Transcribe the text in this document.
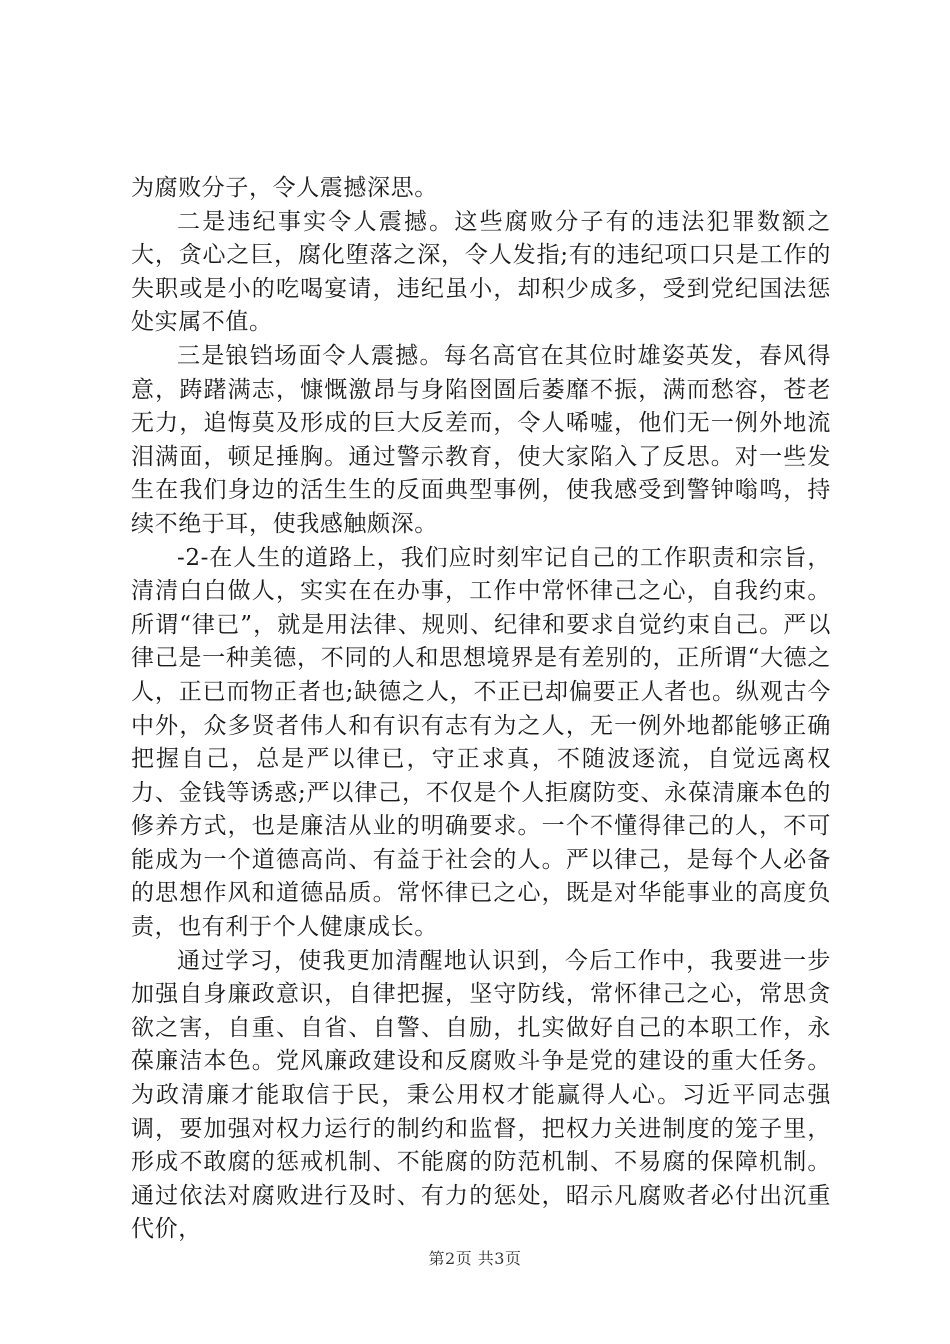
为腐败分子，令人震撼深思。

二是违纪事实令人震撼。这些腐败分子有的违法犯罪数额之大，贪心之巨，腐化堕落之深，令人发指;有的违纪项口只是工作的失职或是小的吃喝宴请，违纪虽小，却积少成多，受到党纪国法惩处实属不值。

三是锒铛场面令人震撼。每名高官在其位时雄姿英发，春风得意，踌躇满志，慷慨激昂与身陷囹圄后萎靡不振，满而愁容，苍老无力，追悔莫及形成的巨大反差而，令人唏嘘，他们无一例外地流泪满面，顿足捶胸。通过警示教育，使大家陷入了反思。对一些发生在我们身边的活生生的反面典型事例，使我感受到警钟嗡鸣，持续不绝于耳，使我感触颇深。

-2-在人生的道路上，我们应时刻牢记自己的工作职责和宗旨，清清白白做人，实实在在办事，工作中常怀律己之心，自我约束。所谓“律已”，就是用法律、规则、纪律和要求自觉约束自己。严以律己是一种美德，不同的人和思想境界是有差别的，正所谓“大德之人，正已而物正者也;缺德之人，不正已却偏要正人者也。纵观古今中外，众多贤者伟人和有识有志有为之人，无一例外地都能够正确把握自己，总是严以律已，守正求真，不随波逐流，自觉远离权力、金钱等诱惑;严以律己，不仅是个人拒腐防变、永葆清廉本色的修养方式，也是廉洁从业的明确要求。一个不懂得律己的人，不可能成为一个道德高尚、有益于社会的人。严以律己，是每个人必备的思想作风和道德品质。常怀律已之心，既是对华能事业的高度负责，也有利于个人健康成长。

通过学习，使我更加清醒地认识到，今后工作中，我要进一步加强自身廉政意识，自律把握，坚守防线，常怀律己之心，常思贪欲之害，自重、自省、自警、自励，扎实做好自己的本职工作，永葆廉洁本色。党风廉政建设和反腐败斗争是党的建设的重大任务。为政清廉才能取信于民，秉公用权才能赢得人心。习近平同志强调，要加强对权力运行的制约和监督，把权力关进制度的笼子里，形成不敢腐的惩戒机制、不能腐的防范机制、不易腐的保障机制。通过依法对腐败进行及时、有力的惩处，昭示凡腐败者必付出沉重代价，

第2页 共3页
